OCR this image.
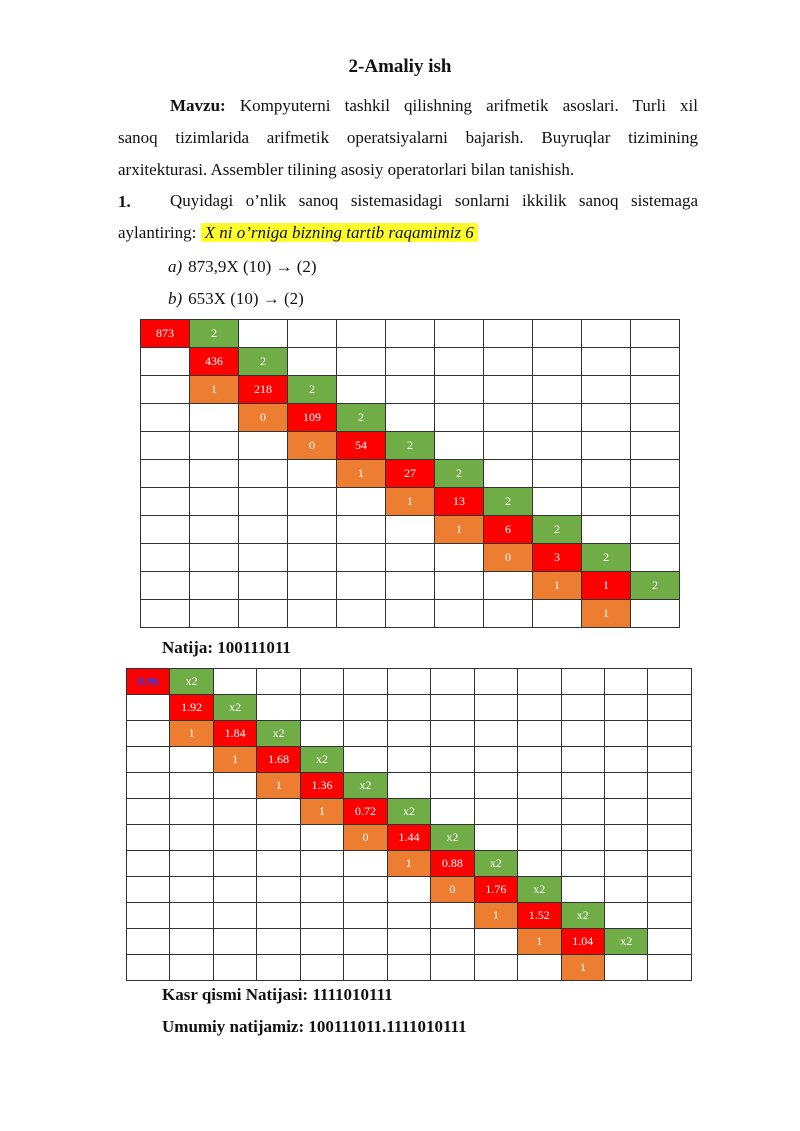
2-Amaliy ish
Mavzu: Kompyuterni tashkil qilishning arifmetik asoslari. Turli xil
sanoq tizimlarida arifmetik operatsiyalarni bajarish. Buyruqlar tizimining
arxitekturasi. Assembler tilining asosiy operatorlari bilan tanishish.
1. Quyidagi o’nlik sanoq sistemasidagi sonlarni ikkilik sanoq sistemaga
aylantiring: X ni o’rniga bizning tartib raqamimiz 6
a) 873,9X (10) → (2)
b) 653X (10) → (2)
873	2									
	436	2								
	1	218	2							
		0	109	2						
			0	54	2					
				1	27	2				
					1	13	2			
						1	6	2		
							0	3	2	
								1	1	2
									1	
Natija: 100111011
0.96	x2											
	1.92	x2										
	1	1.84	x2									
		1	1.68	x2								
			1	1.36	x2							
				1	0.72	x2						
					0	1.44	x2					
						1	0.88	x2				
							0	1.76	x2			
								1	1.52	x2		
									1	1.04	x2	
										1		
Kasr qismi Natijasi: 1111010111
Umumiy natijamiz: 100111011.1111010111
